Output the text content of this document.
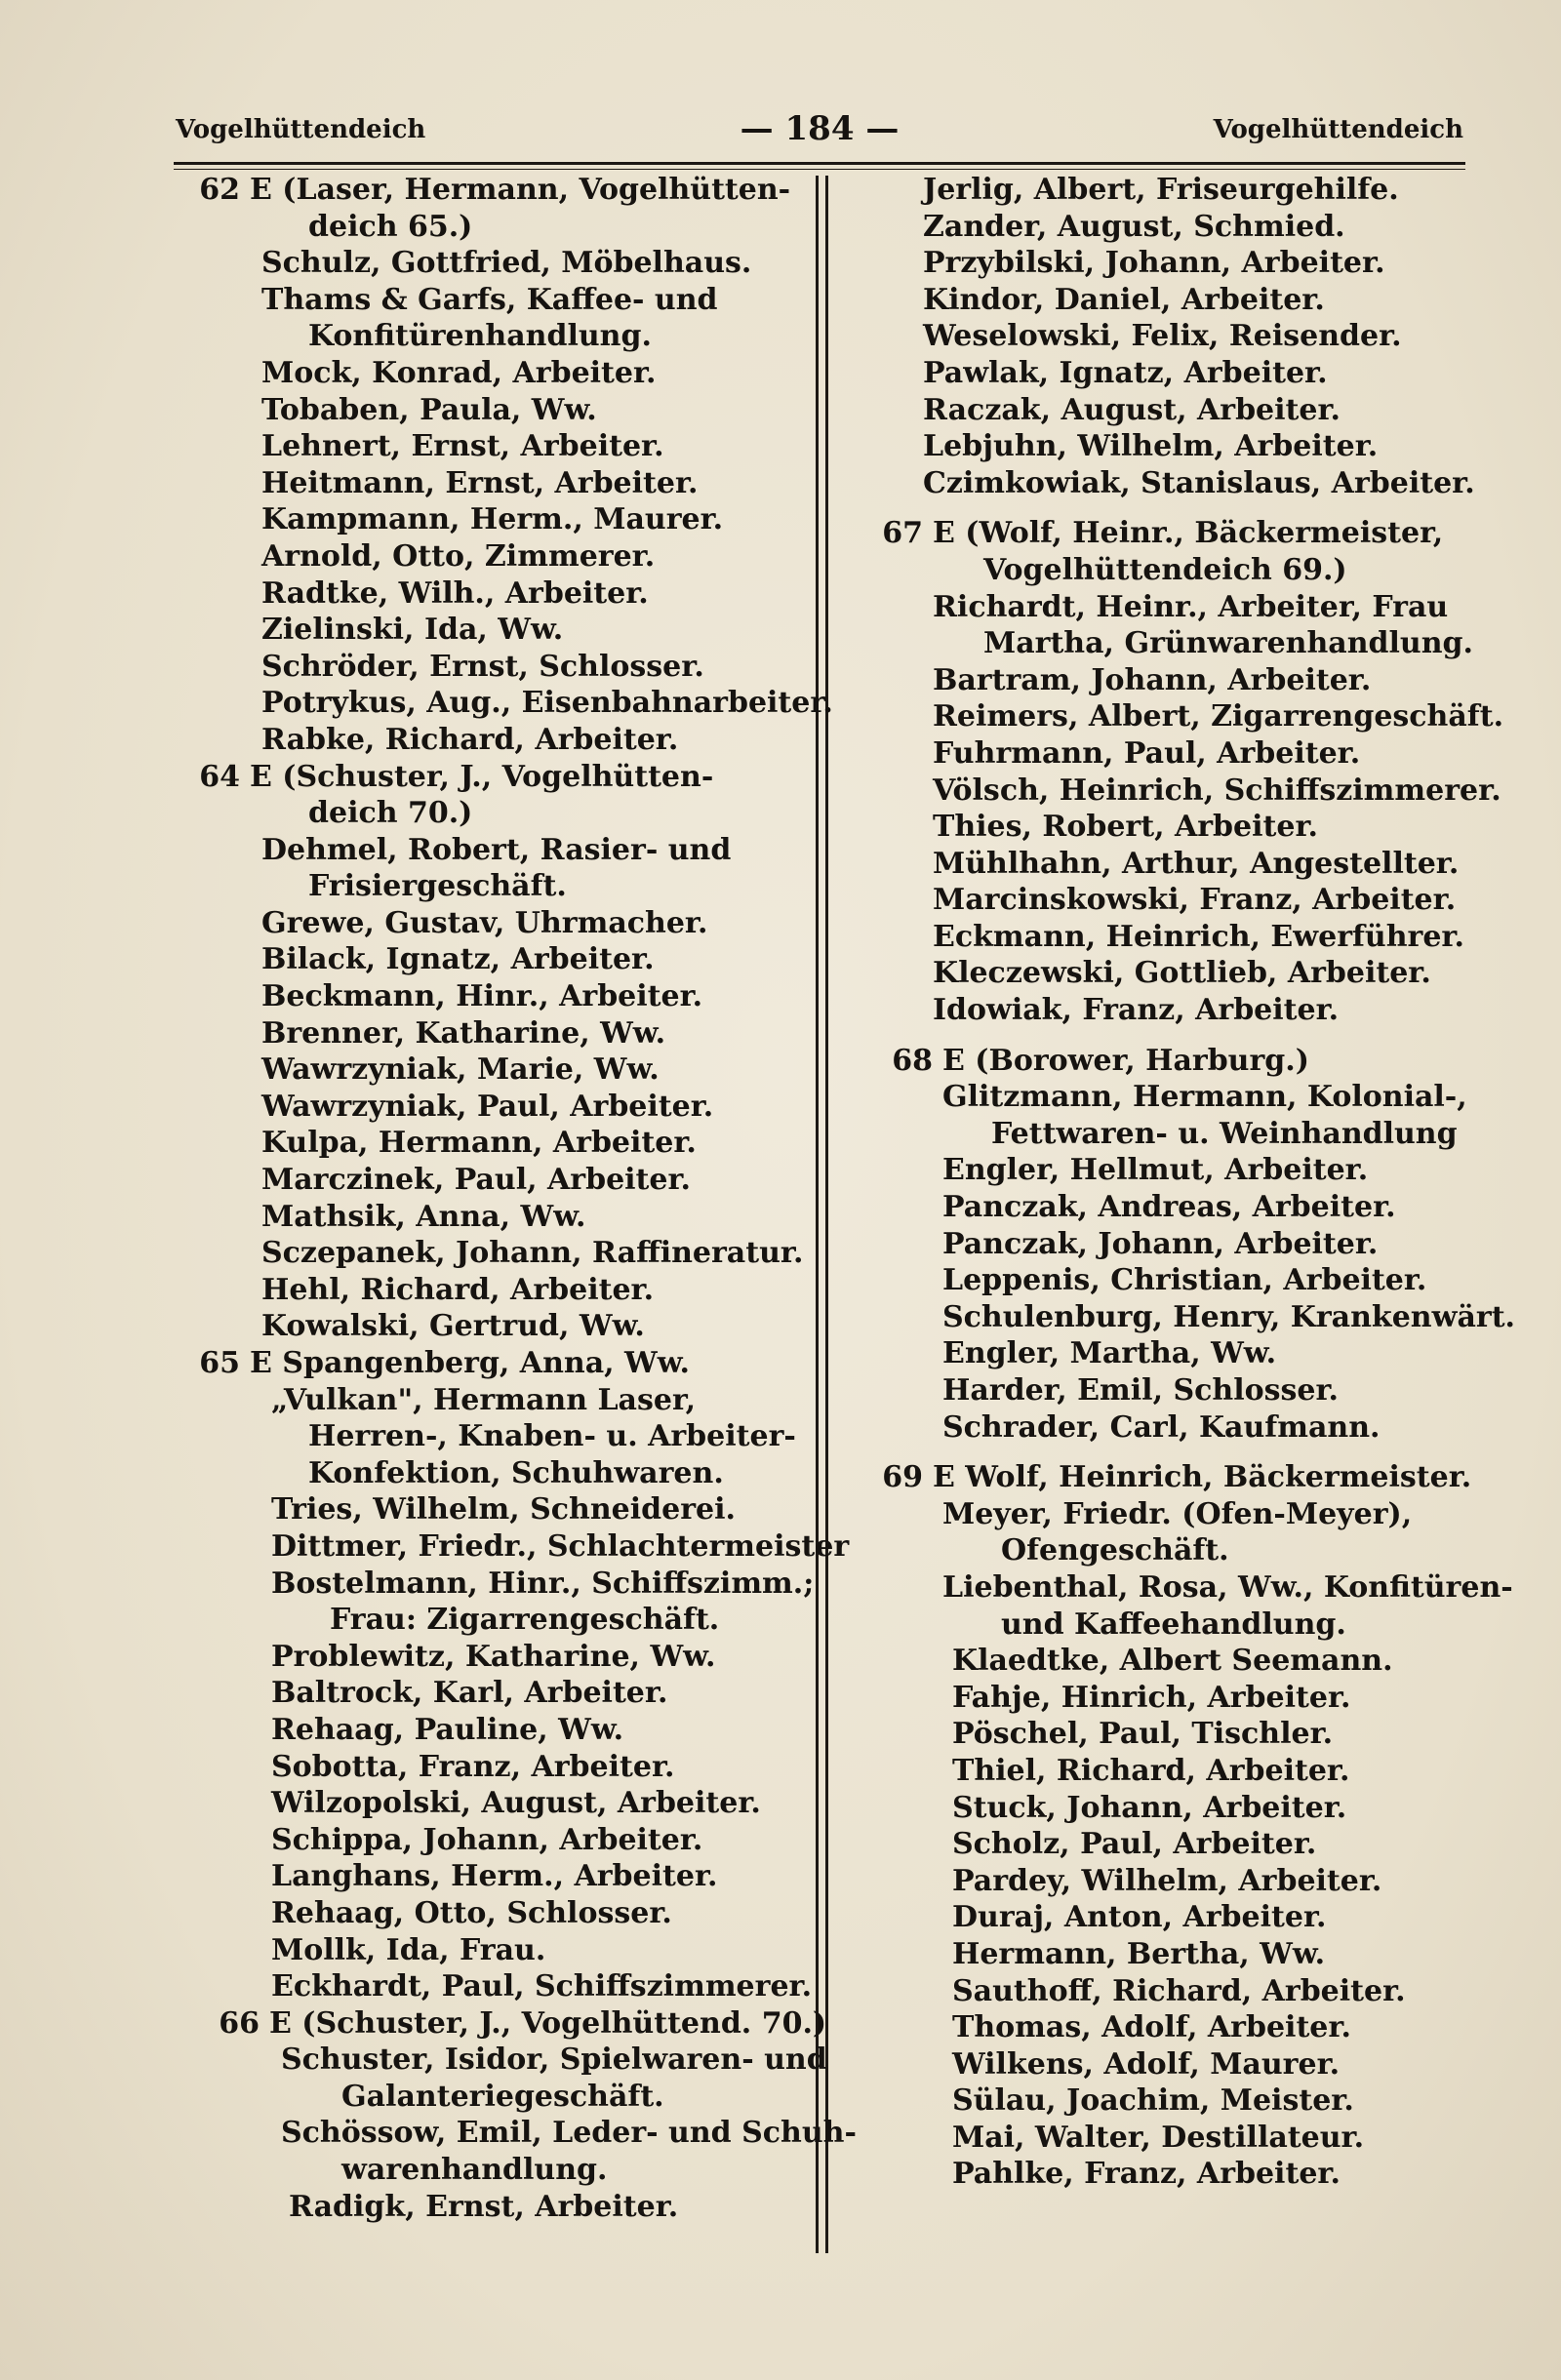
Vogelhüttendeich	— 184 —	Vogelhüttendeich
62 E (Laser, Hermann, Vogelhütten-
deich 65.)
Schulz, Gottfried, Möbelhaus.
Thams & Garfs, Kaffee- und
Konfitürenhandlung.
Mock, Konrad, Arbeiter.
Tobaben, Paula, Ww.
Lehnert, Ernst, Arbeiter.
Heitmann, Ernst, Arbeiter.
Kampmann, Herm., Maurer.
Arnold, Otto, Zimmerer.
Radtke, Wilh., Arbeiter.
Zielinski, Ida, Ww.
Schröder, Ernst, Schlosser.
Potrykus, Aug., Eisenbahnarbeiter.
Rabke, Richard, Arbeiter.
64 E (Schuster, J., Vogelhütten-
deich 70.)
Dehmel, Robert, Rasier- und
Frisiergeschäft.
Grewe, Gustav, Uhrmacher.
Bilack, Ignatz, Arbeiter.
Beckmann, Hinr., Arbeiter.
Brenner, Katharine, Ww.
Wawrzyniak, Marie, Ww.
Wawrzyniak, Paul, Arbeiter.
Kulpa, Hermann, Arbeiter.
Marczinek, Paul, Arbeiter.
Mathsik, Anna, Ww.
Sczepanek, Johann, Raffineratur.
Hehl, Richard, Arbeiter.
Kowalski, Gertrud, Ww.
65 E Spangenberg, Anna, Ww.
„Vulkan", Hermann Laser,
Herren-, Knaben- u. Arbeiter-
Konfektion, Schuhwaren.
Tries, Wilhelm, Schneiderei.
Dittmer, Friedr., Schlachtermeister
Bostelmann, Hinr., Schiffszimm.;
Frau: Zigarrengeschäft.
Problewitz, Katharine, Ww.
Baltrock, Karl, Arbeiter.
Rehaag, Pauline, Ww.
Sobotta, Franz, Arbeiter.
Wilzopolski, August, Arbeiter.
Schippa, Johann, Arbeiter.
Langhans, Herm., Arbeiter.
Rehaag, Otto, Schlosser.
Mollk, Ida, Frau.
Eckhardt, Paul, Schiffszimmerer.
66 E (Schuster, J., Vogelhüttend. 70.)
Schuster, Isidor, Spielwaren- und
Galanteriegeschäft.
Schössow, Emil, Leder- und Schuh-
warenhandlung.
Radigk, Ernst, Arbeiter.
Jerlig, Albert, Friseurgehilfe.
Zander, August, Schmied.
Przybilski, Johann, Arbeiter.
Kindor, Daniel, Arbeiter.
Weselowski, Felix, Reisender.
Pawlak, Ignatz, Arbeiter.
Raczak, August, Arbeiter.
Lebjuhn, Wilhelm, Arbeiter.
Czimkowiak, Stanislaus, Arbeiter.
67 E (Wolf, Heinr., Bäckermeister,
Vogelhüttendeich 69.)
Richardt, Heinr., Arbeiter, Frau
Martha, Grünwarenhandlung.
Bartram, Johann, Arbeiter.
Reimers, Albert, Zigarrengeschäft.
Fuhrmann, Paul, Arbeiter.
Völsch, Heinrich, Schiffszimmerer.
Thies, Robert, Arbeiter.
Mühlhahn, Arthur, Angestellter.
Marcinskowski, Franz, Arbeiter.
Eckmann, Heinrich, Ewerführer.
Kleczewski, Gottlieb, Arbeiter.
Idowiak, Franz, Arbeiter.
68 E (Borower, Harburg.)
Glitzmann, Hermann, Kolonial-,
Fettwaren- u. Weinhandlung
Engler, Hellmut, Arbeiter.
Panczak, Andreas, Arbeiter.
Panczak, Johann, Arbeiter.
Leppenis, Christian, Arbeiter.
Schulenburg, Henry, Krankenwärt.
Engler, Martha, Ww.
Harder, Emil, Schlosser.
Schrader, Carl, Kaufmann.
69 E Wolf, Heinrich, Bäckermeister.
Meyer, Friedr. (Ofen-Meyer),
Ofengeschäft.
Liebenthal, Rosa, Ww., Konfitüren-
und Kaffeehandlung.
Klaedtke, Albert Seemann.
Fahje, Hinrich, Arbeiter.
Pöschel, Paul, Tischler.
Thiel, Richard, Arbeiter.
Stuck, Johann, Arbeiter.
Scholz, Paul, Arbeiter.
Pardey, Wilhelm, Arbeiter.
Duraj, Anton, Arbeiter.
Hermann, Bertha, Ww.
Sauthoff, Richard, Arbeiter.
Thomas, Adolf, Arbeiter.
Wilkens, Adolf, Maurer.
Sülau, Joachim, Meister.
Mai, Walter, Destillateur.
Pahlke, Franz, Arbeiter.
